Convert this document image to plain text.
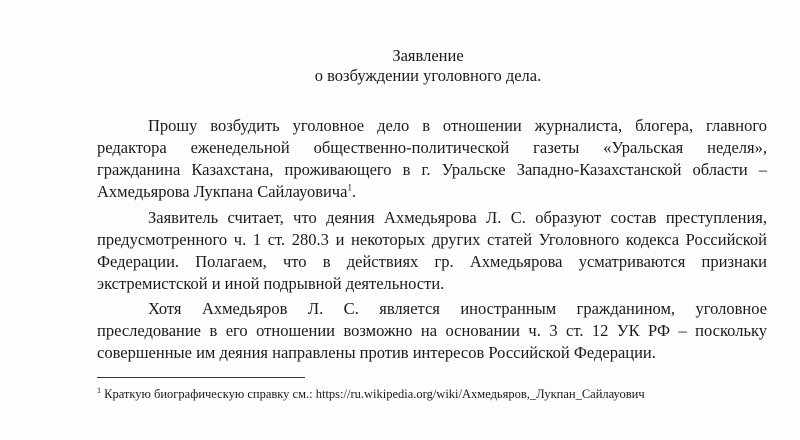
Заявление
о возбуждении уголовного дела.
Прошу возбудить уголовное дело в отношении журналиста, блогера, главного
редактора еженедельной общественно-политической газеты «Уральская неделя»,
гражданина Казахстана, проживающего в г. Уральске Западно-Казахстанской области –
Ахмедьярова Лукпана Сайлауовича$^1$.
Заявитель считает, что деяния Ахмедьярова Л. С. образуют состав преступления,
предусмотренного ч. 1 ст. 280.3 и некоторых других статей Уголовного кодекса Российской
Федерации. Полагаем, что в действиях гр. Ахмедьярова усматриваются признаки
экстремистской и иной подрывной деятельности.
Хотя Ахмедьяров Л. С. является иностранным гражданином, уголовное
преследование в его отношении возможно на основании ч. 3 ст. 12 УК РФ – поскольку
совершенные им деяния направлены против интересов Российской Федерации.
$^1$ Краткую биографическую справку см.: https://ru.wikipedia.org/wiki/Ахмедьяров,_Лукпан_Сайлауович
